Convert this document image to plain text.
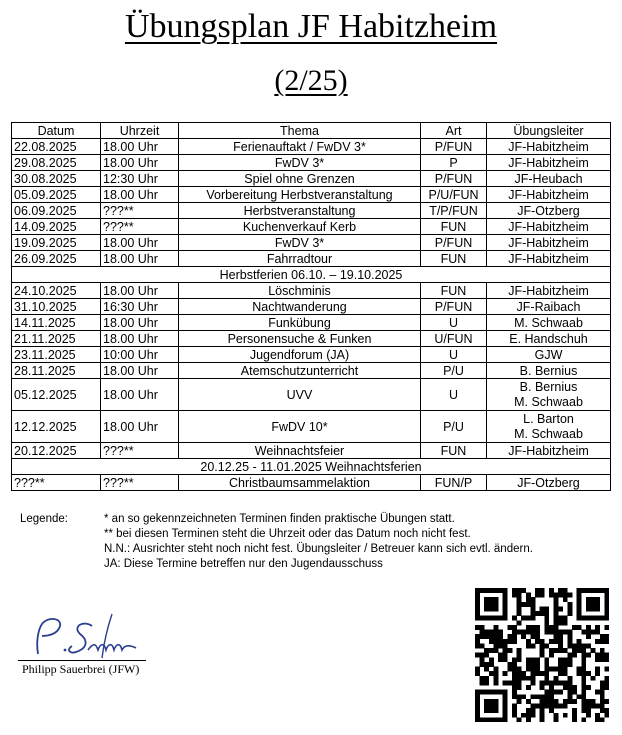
Übungsplan JF Habitzheim
(2/25)
Datum	Uhrzeit	Thema	Art	Übungsleiter
22.08.2025	18.00 Uhr	Ferienauftakt / FwDV 3*	P/FUN	JF-Habitzheim
29.08.2025	18.00 Uhr	FwDV 3*	P	JF-Habitzheim
30.08.2025	12:30 Uhr	Spiel ohne Grenzen	P/FUN	JF-Heubach
05.09.2025	18.00 Uhr	Vorbereitung Herbstveranstaltung	P/U/FUN	JF-Habitzheim
06.09.2025	???**	Herbstveranstaltung	T/P/FUN	JF-Otzberg
14.09.2025	???**	Kuchenverkauf Kerb	FUN	JF-Habitzheim
19.09.2025	18.00 Uhr	FwDV 3*	P/FUN	JF-Habitzheim
26.09.2025	18.00 Uhr	Fahrradtour	FUN	JF-Habitzheim
Herbstferien 06.10. – 19.10.2025				
24.10.2025	18.00 Uhr	Löschminis	FUN	JF-Habitzheim
31.10.2025	16:30 Uhr	Nachtwanderung	P/FUN	JF-Raibach
14.11.2025	18.00 Uhr	Funkübung	U	M. Schwaab
21.11.2025	18.00 Uhr	Personensuche & Funken	U/FUN	E. Handschuh
23.11.2025	10:00 Uhr	Jugendforum (JA)	U	GJW
28.11.2025	18.00 Uhr	Atemschutzunterricht	P/U	B. Bernius
05.12.2025	18.00 Uhr	UVV	U	B. Bernius
M. Schwaab

12.12.2025	18.00 Uhr	FwDV 10*	P/U	L. Barton
M. Schwaab

20.12.2025	???**	Weihnachtsfeier	FUN	JF-Habitzheim
20.12.25 - 11.01.2025 Weihnachtsferien				
???**	???**	Christbaumsammelaktion	FUN/P	JF-Otzberg
Legende:	* an so gekennzeichneten Terminen finden praktische Übungen statt.
** bei diesen Terminen steht die Uhrzeit oder das Datum noch nicht fest.
N.N.: Ausrichter steht noch nicht fest. Übungsleiter / Betreuer kann sich evtl. ändern.
JA: Diese Termine betreffen nur den Jugendausschuss
Philipp Sauerbrei (JFW)
